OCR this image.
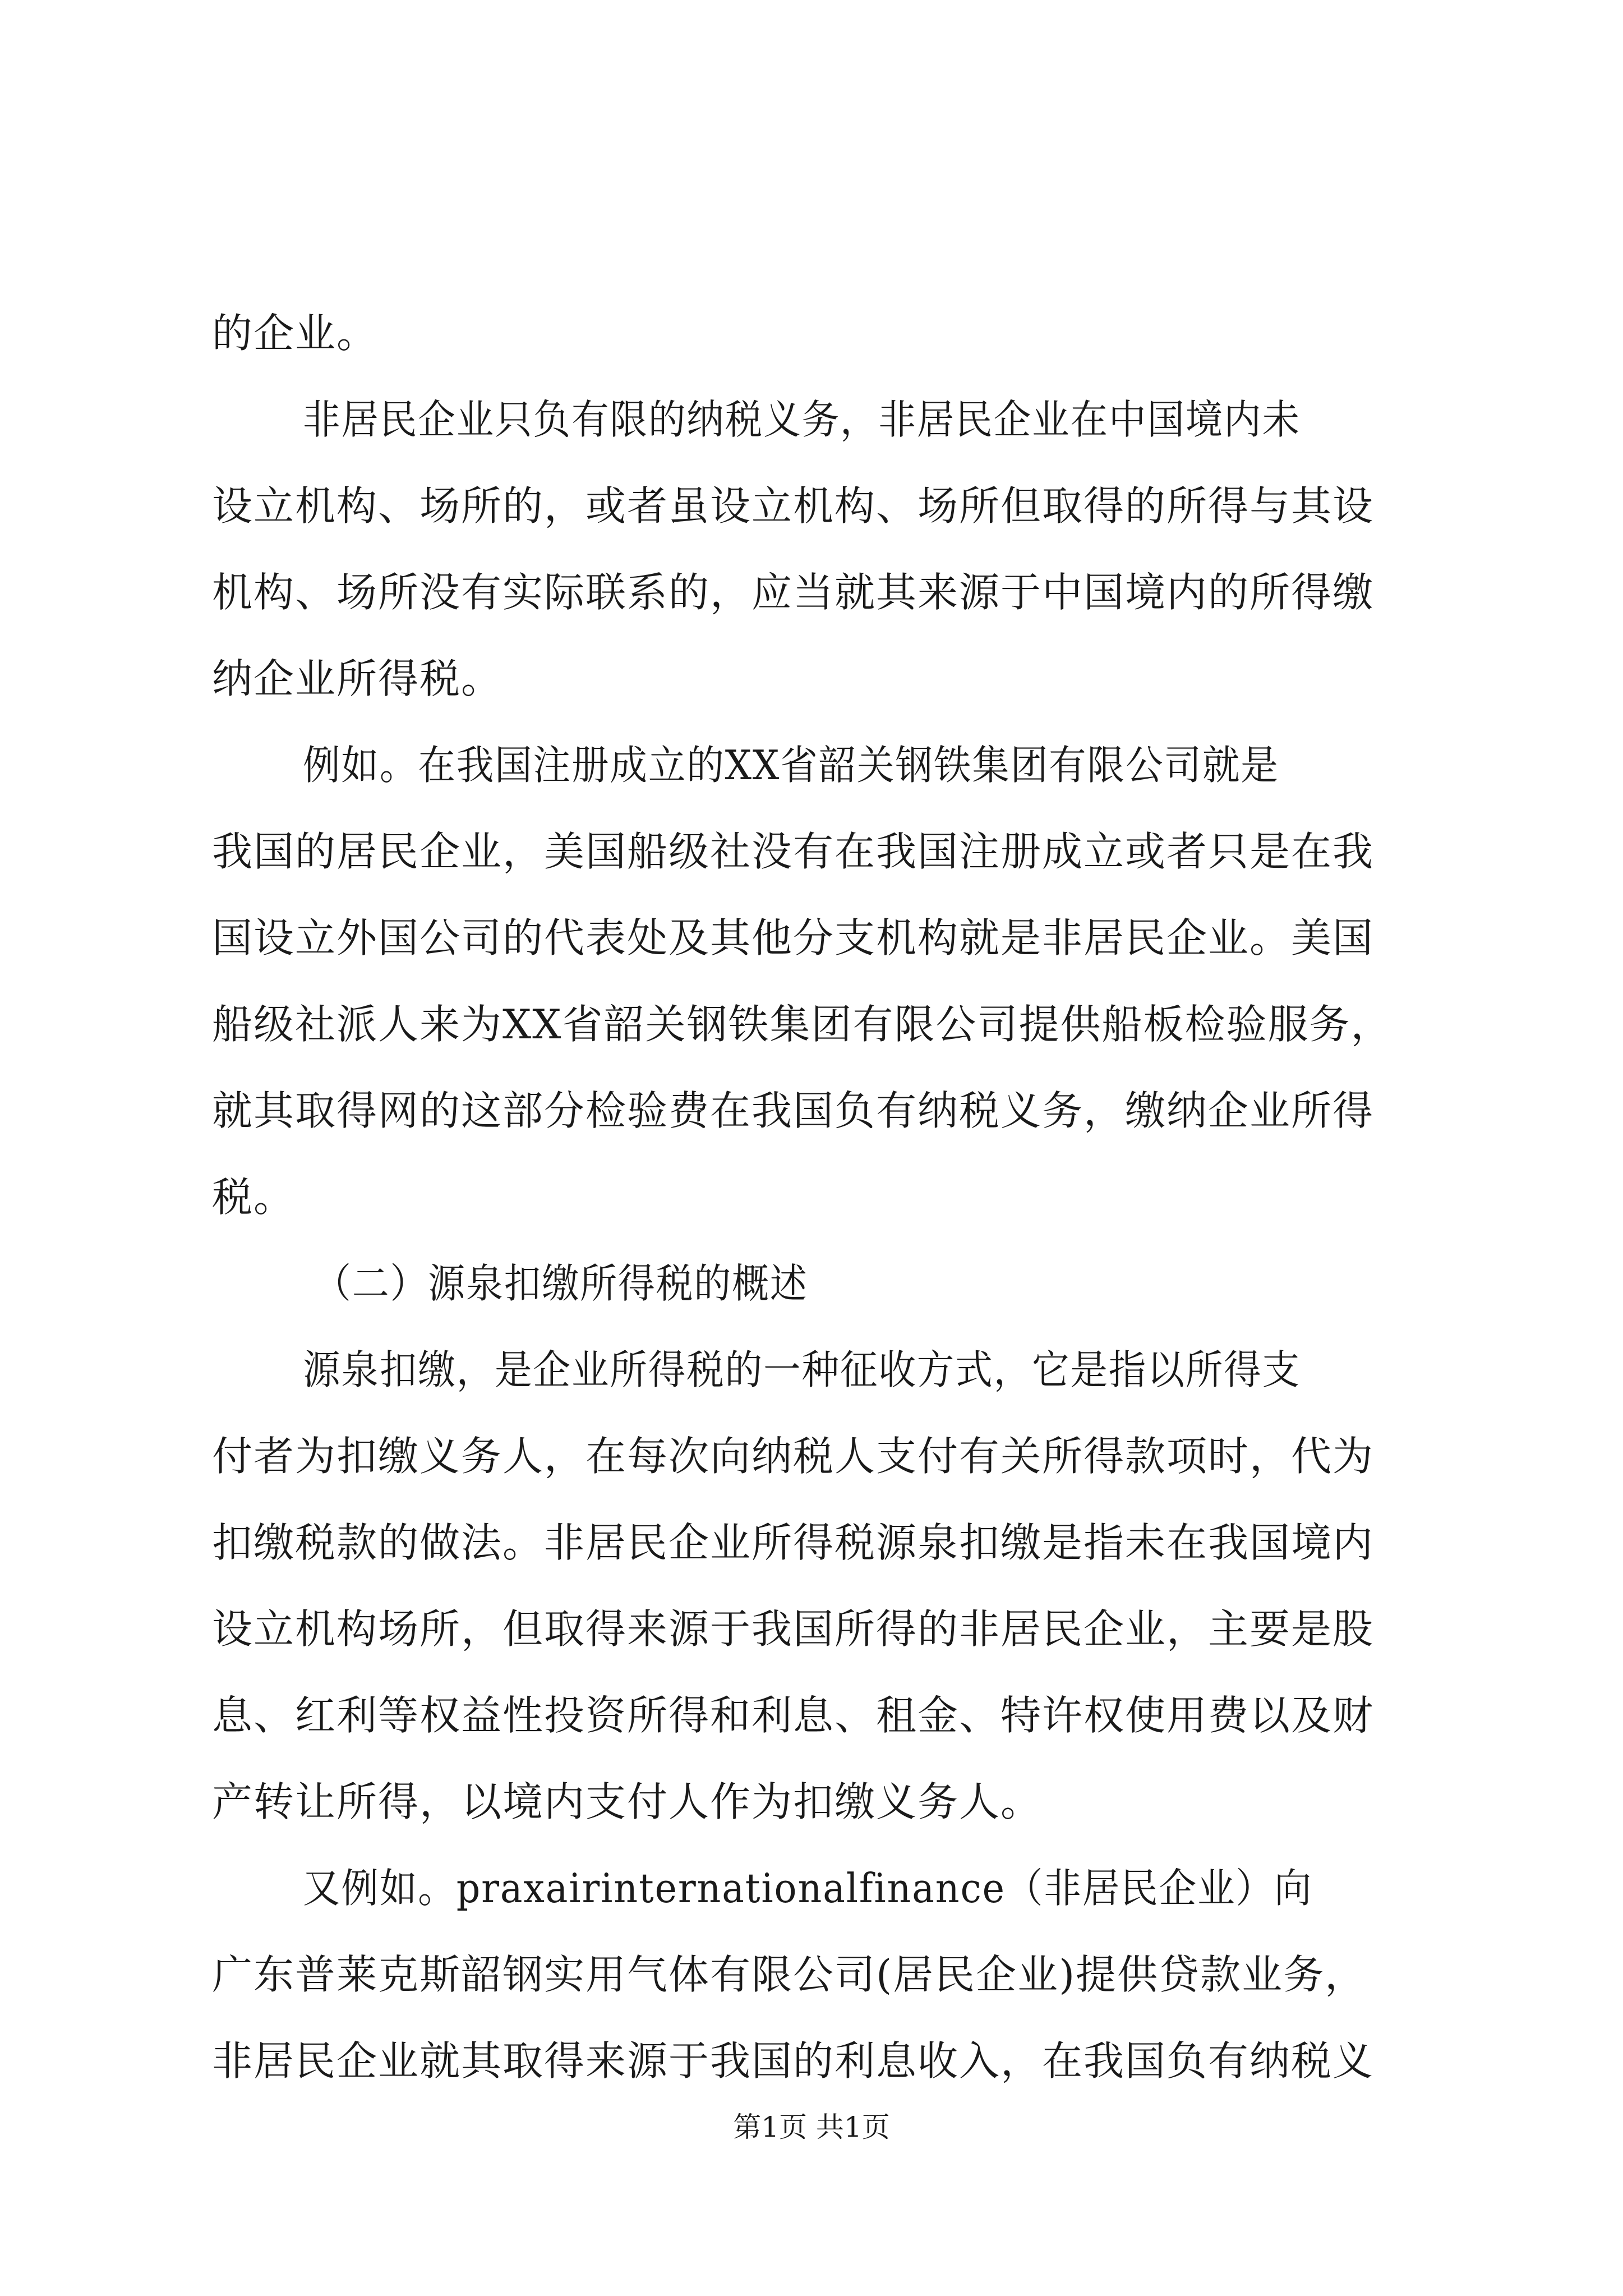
的企业。
非居民企业只负有限的纳税义务，非居民企业在中国境内未
设立机构、场所的，或者虽设立机构、场所但取得的所得与其设
机构、场所没有实际联系的，应当就其来源于中国境内的所得缴
纳企业所得税。
例如。在我国注册成立的XX省韶关钢铁集团有限公司就是
我国的居民企业，美国船级社没有在我国注册成立或者只是在我
国设立外国公司的代表处及其他分支机构就是非居民企业。美国
船级社派人来为XX省韶关钢铁集团有限公司提供船板检验服务，
就其取得网的这部分检验费在我国负有纳税义务，缴纳企业所得
税。
（二）源泉扣缴所得税的概述
源泉扣缴，是企业所得税的一种征收方式，它是指以所得支
付者为扣缴义务人，在每次向纳税人支付有关所得款项时，代为
扣缴税款的做法。非居民企业所得税源泉扣缴是指未在我国境内
设立机构场所，但取得来源于我国所得的非居民企业，主要是股
息、红利等权益性投资所得和利息、租金、特许权使用费以及财
产转让所得，以境内支付人作为扣缴义务人。
又例如。praxairinternationalfinance（非居民企业）向
广东普莱克斯韶钢实用气体有限公司(居民企业)提供贷款业务，
非居民企业就其取得来源于我国的利息收入，在我国负有纳税义
第1页 共1页
